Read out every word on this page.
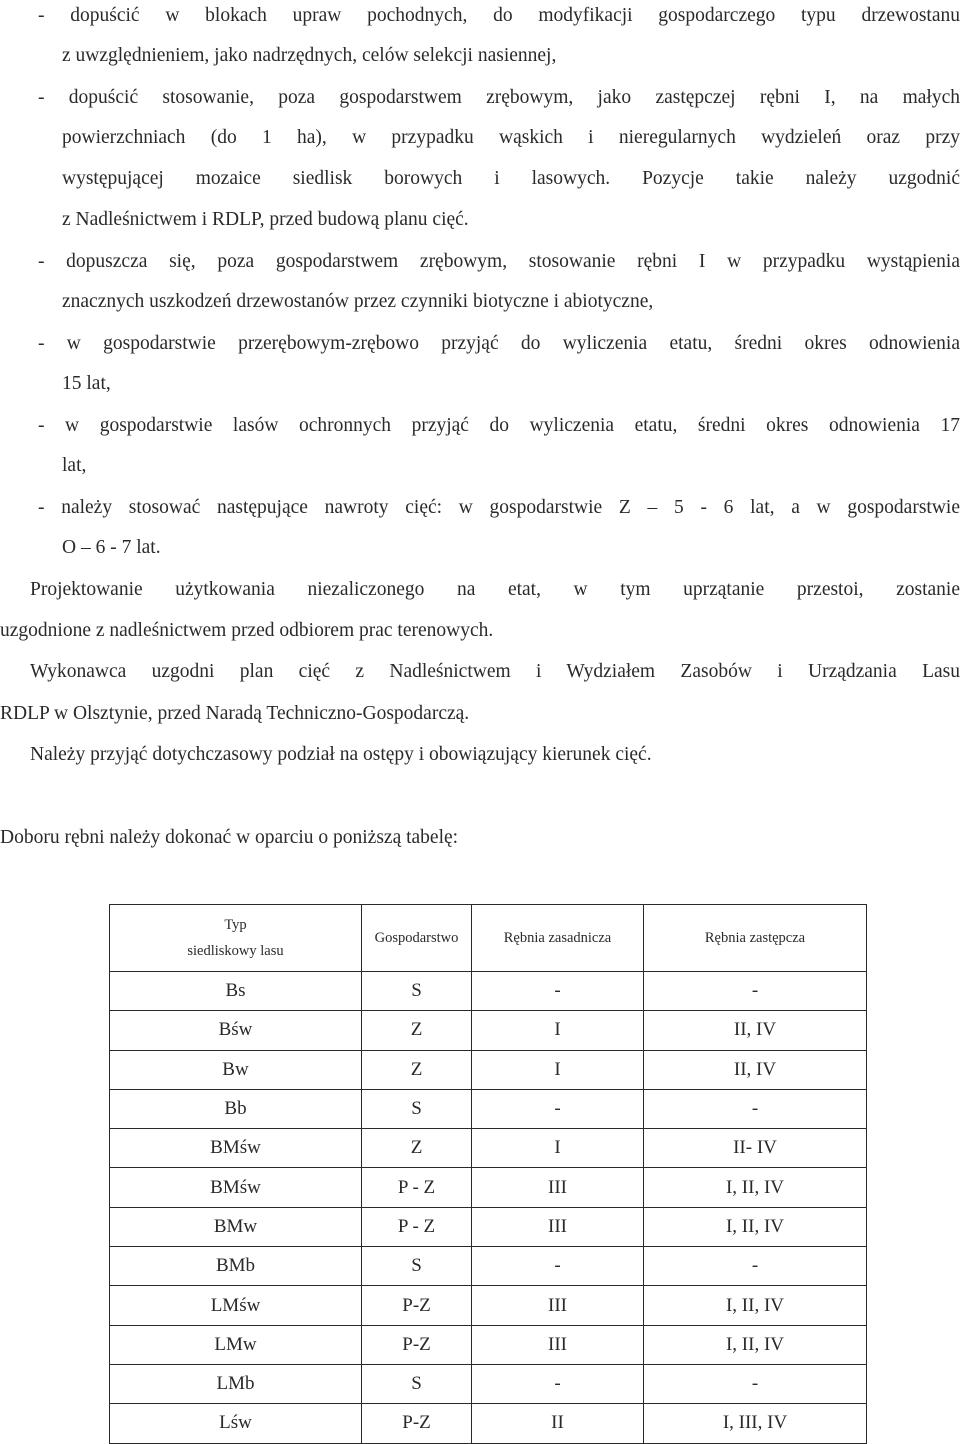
- dopuścić w blokach upraw pochodnych, do modyfikacji gospodarczego typu drzewostanu
z uwzględnieniem, jako nadrzędnych, celów selekcji nasiennej,
- dopuścić stosowanie, poza gospodarstwem zrębowym, jako zastępczej rębni I, na małych
powierzchniach (do 1 ha), w przypadku wąskich i nieregularnych wydzieleń oraz przy
występującej mozaice siedlisk borowych i lasowych. Pozycje takie należy uzgodnić
z Nadleśnictwem i RDLP, przed budową planu cięć.
- dopuszcza się, poza gospodarstwem zrębowym, stosowanie rębni I w przypadku wystąpienia
znacznych uszkodzeń drzewostanów przez czynniki biotyczne i abiotyczne,
- w gospodarstwie przerębowym-zrębowo przyjąć do wyliczenia etatu, średni okres odnowienia
15 lat,
- w gospodarstwie lasów ochronnych przyjąć do wyliczenia etatu, średni okres odnowienia 17
lat,
- należy stosować następujące nawroty cięć: w gospodarstwie Z – 5 - 6 lat, a w gospodarstwie
O – 6 - 7 lat.
Projektowanie użytkowania niezaliczonego na etat, w tym uprzątanie przestoi, zostanie
uzgodnione z nadleśnictwem przed odbiorem prac terenowych.
Wykonawca uzgodni plan cięć z Nadleśnictwem i Wydziałem Zasobów i Urządzania Lasu
RDLP w Olsztynie, przed Naradą Techniczno-Gospodarczą.
Należy przyjąć dotychczasowy podział na ostępy i obowiązujący kierunek cięć.
Doboru rębni należy dokonać w oparciu o poniższą tabelę:
Typ
siedliskowy lasu	Gospodarstwo	Rębnia zasadnicza	Rębnia zastępcza
Bs	S	-	-
Bśw	Z	I	II, IV
Bw	Z	I	II, IV
Bb	S	-	-
BMśw	Z	I	II- IV
BMśw	P - Z	III	I, II, IV
BMw	P - Z	III	I, II, IV
BMb	S	-	-
LMśw	P-Z	III	I, II, IV
LMw	P-Z	III	I, II, IV
LMb	S	-	-
Lśw	P-Z	II	I, III, IV
